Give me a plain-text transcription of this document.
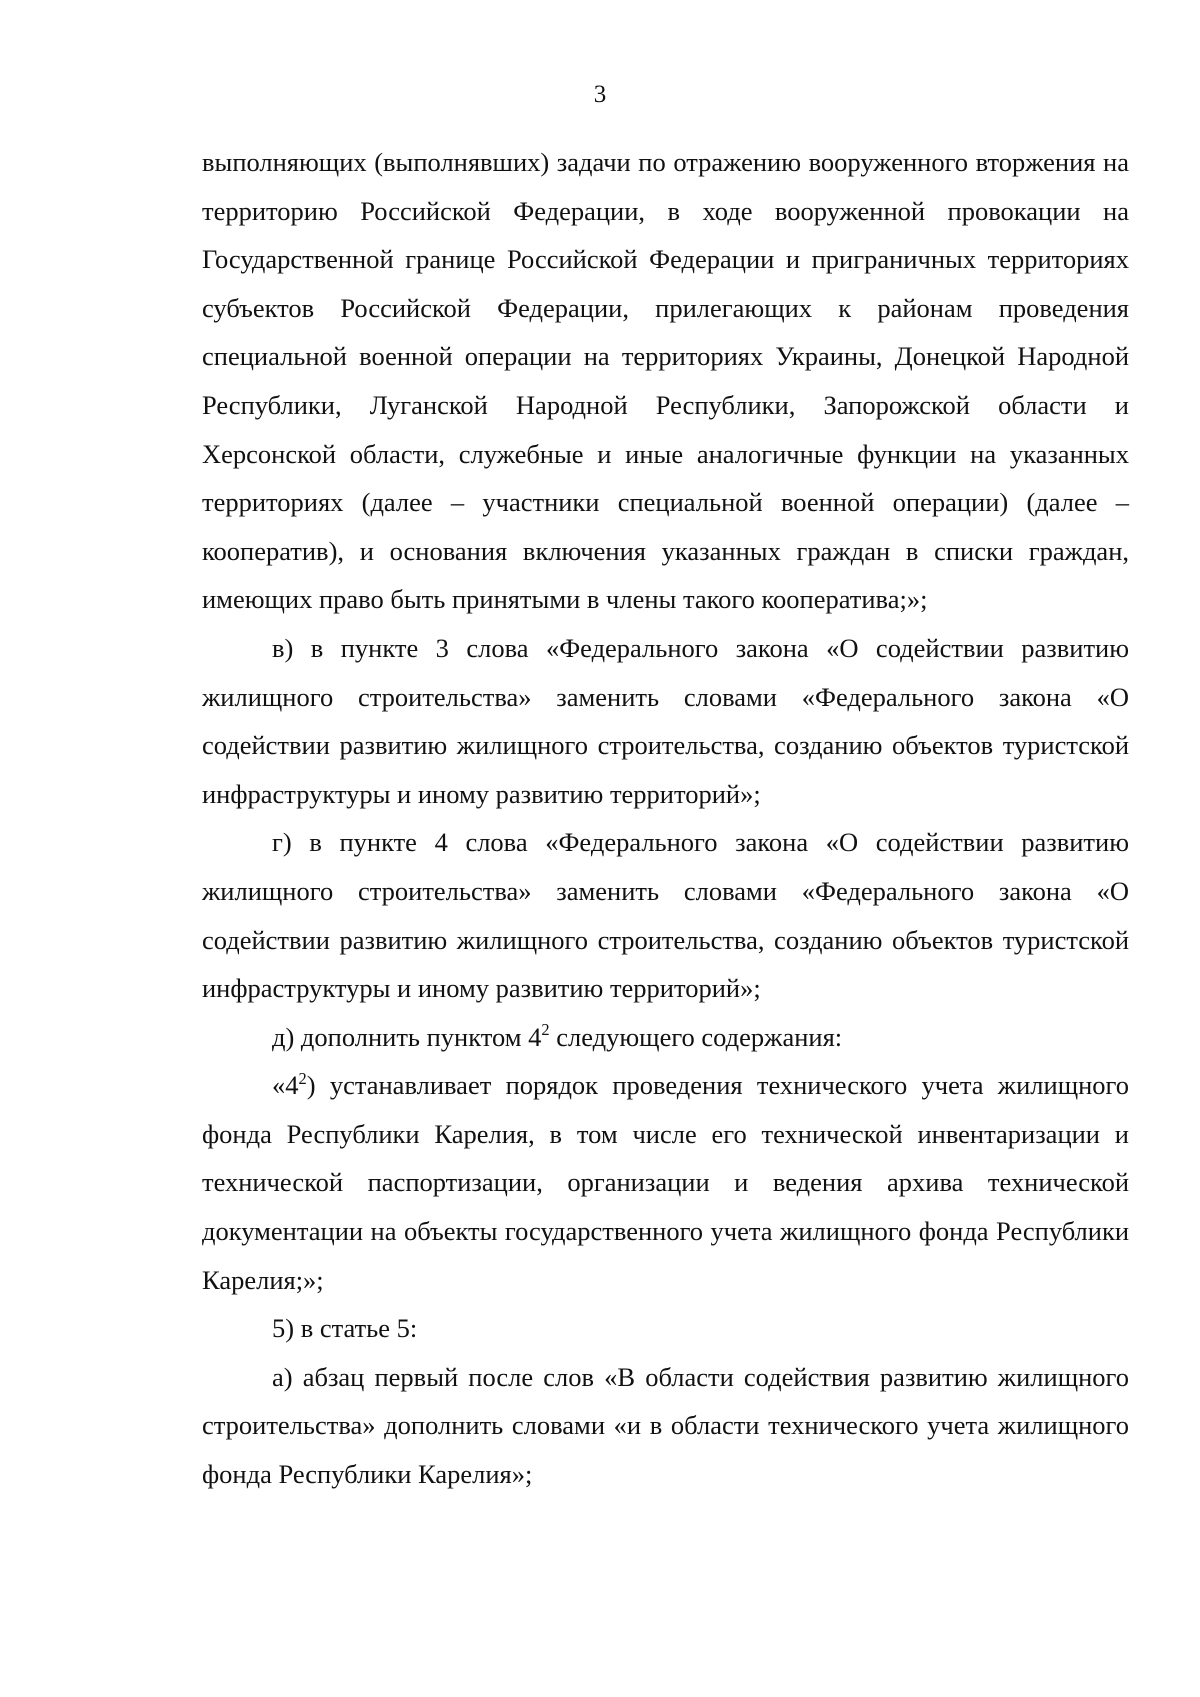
3

выполняющих (выполнявших) задачи по отражению вооруженного вторжения на территорию Российской Федерации, в ходе вооруженной провокации на Государственной границе Российской Федерации и приграничных территориях субъектов Российской Федерации, прилегающих к районам проведения специальной военной операции на территориях Украины, Донецкой Народной Республики, Луганской Народной Республики, Запорожской области и Херсонской области, служебные и иные аналогичные функции на указанных территориях (далее – участники специальной военной операции) (далее – кооператив), и основания включения указанных граждан в списки граждан, имеющих право быть принятыми в члены такого кооператива;»;

в) в пункте 3 слова «Федерального закона «О содействии развитию жилищного строительства» заменить словами «Федерального закона «О содействии развитию жилищного строительства, созданию объектов туристской инфраструктуры и иному развитию территорий»;

г) в пункте 4 слова «Федерального закона «О содействии развитию жилищного строительства» заменить словами «Федерального закона «О содействии развитию жилищного строительства, созданию объектов туристской инфраструктуры и иному развитию территорий»;

д) дополнить пунктом $4^2$ следующего содержания:

«$4^2$) устанавливает порядок проведения технического учета жилищного фонда Республики Карелия, в том числе его технической инвентаризации и технической паспортизации, организации и ведения архива технической документации на объекты государственного учета жилищного фонда Республики Карелия;»;

5) в статье 5:

а) абзац первый после слов «В области содействия развитию жилищного строительства» дополнить словами «и в области технического учета жилищного фонда Республики Карелия»;
